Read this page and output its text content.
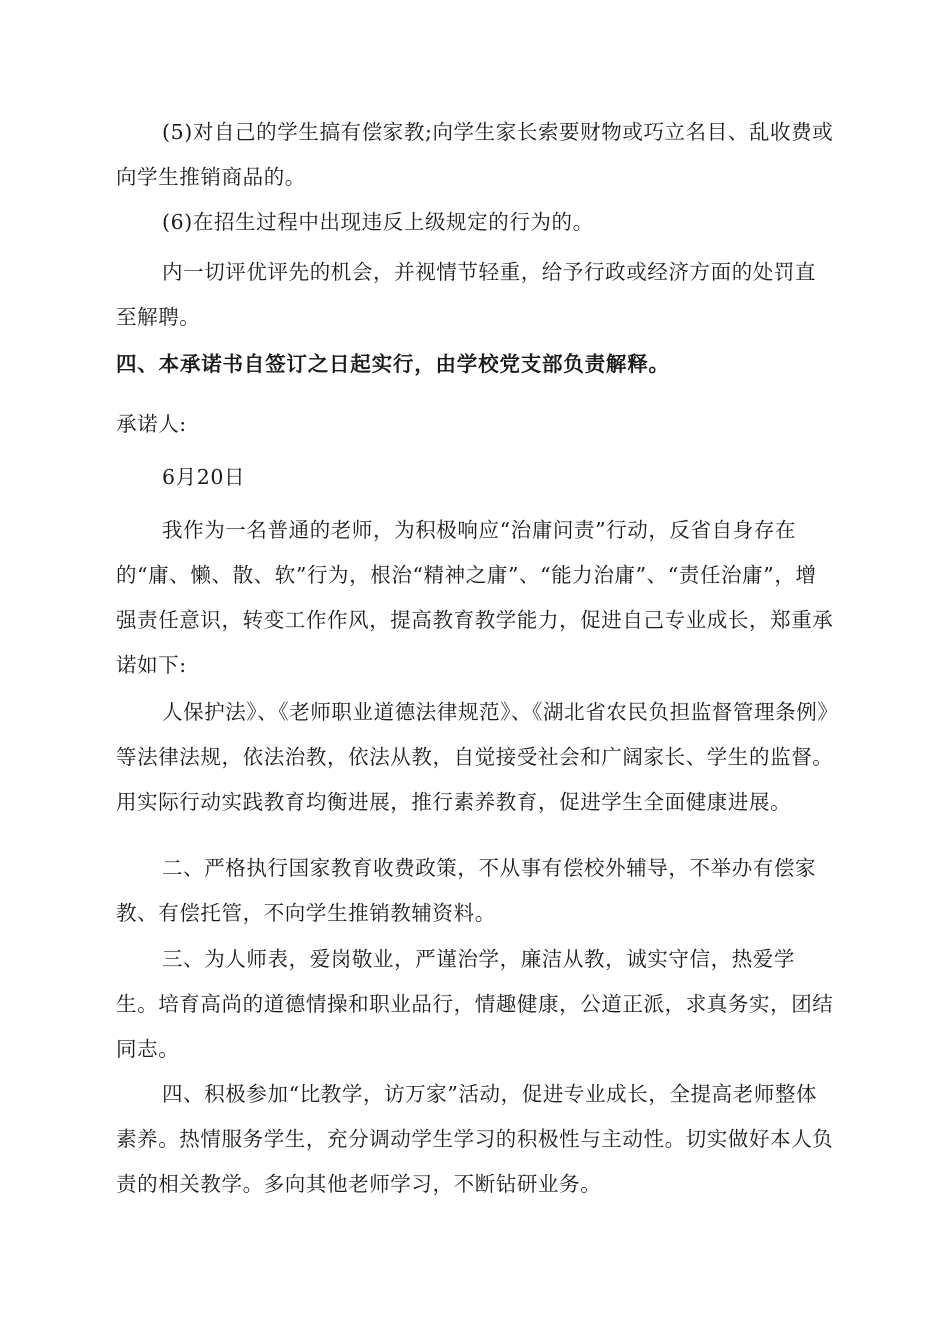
(5)对自己的学生搞有偿家教;向学生家长索要财物或巧立名目、乱收费或向学生推销商品的。

(6)在招生过程中出现违反上级规定的行为的。

内一切评优评先的机会，并视情节轻重，给予行政或经济方面的处罚直至解聘。

四、本承诺书自签订之日起实行，由学校党支部负责解释。

承诺人:

6月20日

我作为一名普通的老师，为积极响应“治庸问责”行动，反省自身存在的“庸、懒、散、软”行为，根治“精神之庸”、“能力治庸”、“责任治庸”，增强责任意识，转变工作作风，提高教育教学能力，促进自己专业成长，郑重承诺如下:

人保护法》、《老师职业道德法律规范》、《湖北省农民负担监督管理条例》等法律法规，依法治教，依法从教，自觉接受社会和广阔家长、学生的监督。用实际行动实践教育均衡进展，推行素养教育，促进学生全面健康进展。

二、严格执行国家教育收费政策，不从事有偿校外辅导，不举办有偿家教、有偿托管，不向学生推销教辅资料。

三、为人师表，爱岗敬业，严谨治学，廉洁从教，诚实守信，热爱学生。培育高尚的道德情操和职业品行，情趣健康，公道正派，求真务实，团结同志。

四、积极参加“比教学，访万家”活动，促进专业成长，全提高老师整体素养。热情服务学生，充分调动学生学习的积极性与主动性。切实做好本人负责的相关教学。多向其他老师学习，不断钻研业务。
